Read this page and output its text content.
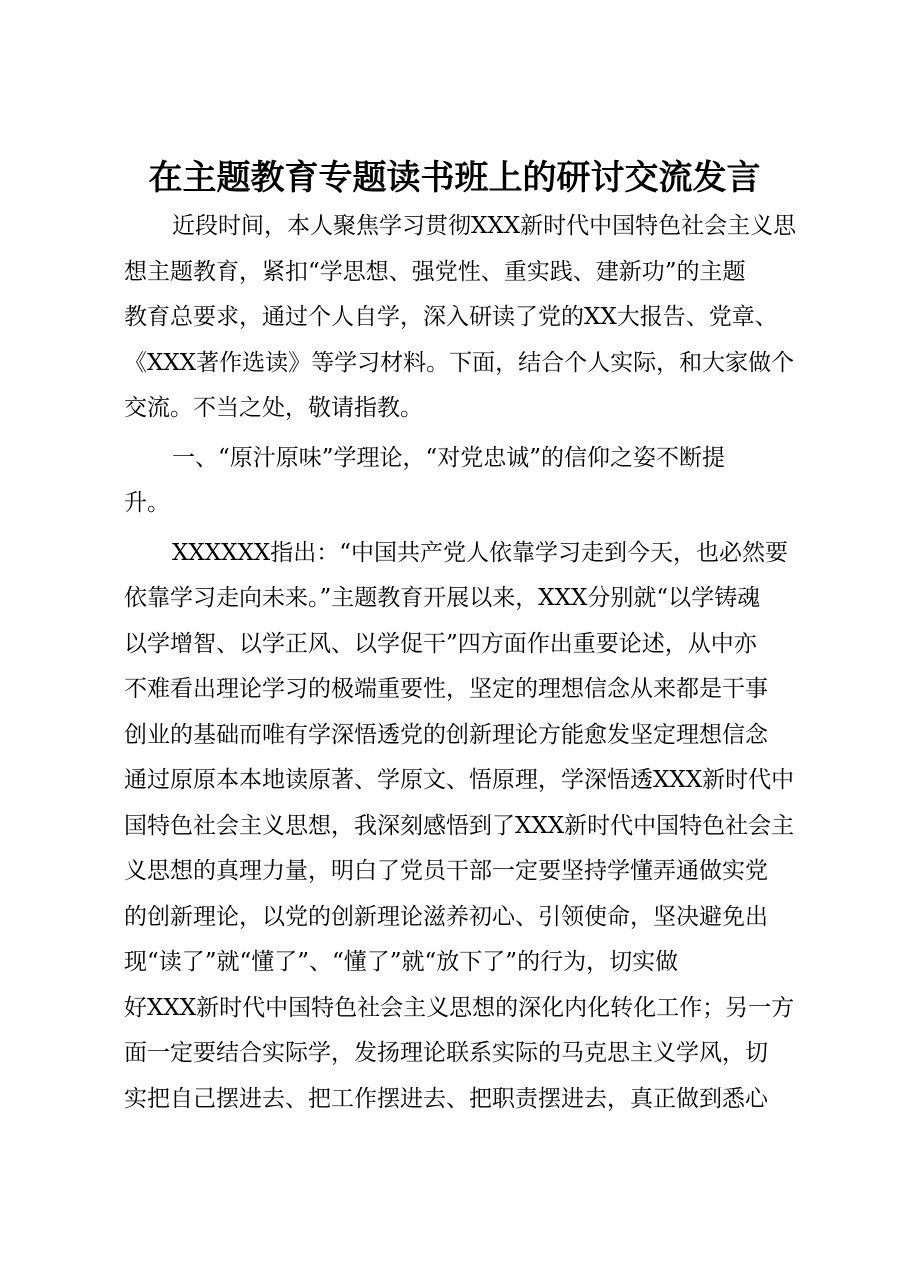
在主题教育专题读书班上的研讨交流发言
近段时间，本人聚焦学习贯彻XXX新时代中国特色社会主义思
想主题教育，紧扣“学思想、强党性、重实践、建新功”的主题
教育总要求，通过个人自学，深入研读了党的XX大报告、党章、
《XXX著作选读》等学习材料。下面，结合个人实际，和大家做个
交流。不当之处，敬请指教。
一、“原汁原味”学理论，“对党忠诚”的信仰之姿不断提
升。
XXXXXX指出：“中国共产党人依靠学习走到今天，也必然要
依靠学习走向未来。”主题教育开展以来，XXX分别就“以学铸魂
以学增智、以学正风、以学促干”四方面作出重要论述，从中亦
不难看出理论学习的极端重要性，坚定的理想信念从来都是干事
创业的基础而唯有学深悟透党的创新理论方能愈发坚定理想信念
通过原原本本地读原著、学原文、悟原理，学深悟透XXX新时代中
国特色社会主义思想，我深刻感悟到了XXX新时代中国特色社会主
义思想的真理力量，明白了党员干部一定要坚持学懂弄通做实党
的创新理论，以党的创新理论滋养初心、引领使命，坚决避免出
现“读了”就“懂了”、“懂了”就“放下了”的行为，切实做
好XXX新时代中国特色社会主义思想的深化内化转化工作；另一方
面一定要结合实际学，发扬理论联系实际的马克思主义学风，切
实把自己摆进去、把工作摆进去、把职责摆进去，真正做到悉心
